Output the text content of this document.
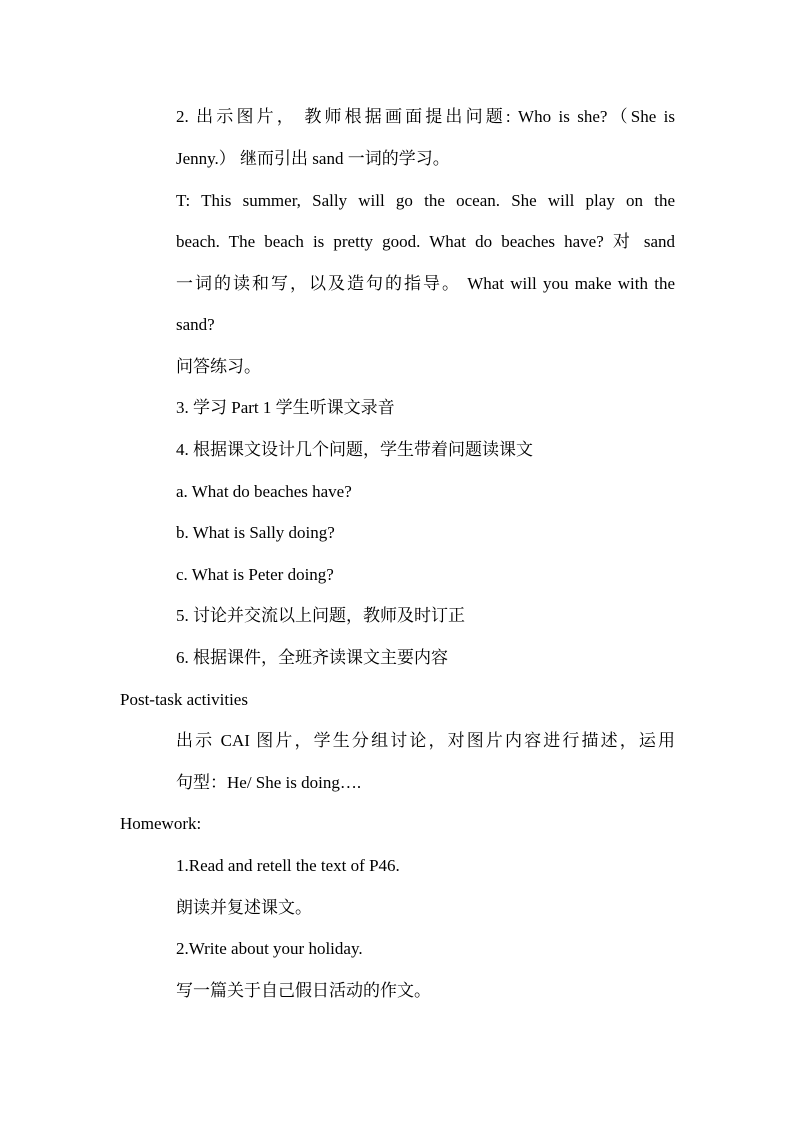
2. 出示图片， 教师根据画面提出问题: Who is she?（She is
Jenny.） 继而引出 sand 一词的学习。
T: This summer, Sally will go the ocean. She will play on the
beach. The beach is pretty good. What do beaches have? 对 sand
一词的读和写，以及造句的指导。 What will you make with the
sand?
问答练习。
3. 学习 Part 1 学生听课文录音
4. 根据课文设计几个问题，学生带着问题读课文
a. What do beaches have?
b. What is Sally doing?
c. What is Peter doing?
5. 讨论并交流以上问题，教师及时订正
6. 根据课件，全班齐读课文主要内容
Post-task activities
出示 CAI 图片，学生分组讨论，对图片内容进行描述，运用
句型：He/ She is doing….
Homework:
1.Read and retell the text of P46.
朗读并复述课文。
2.Write about your holiday.
写一篇关于自己假日活动的作文。
